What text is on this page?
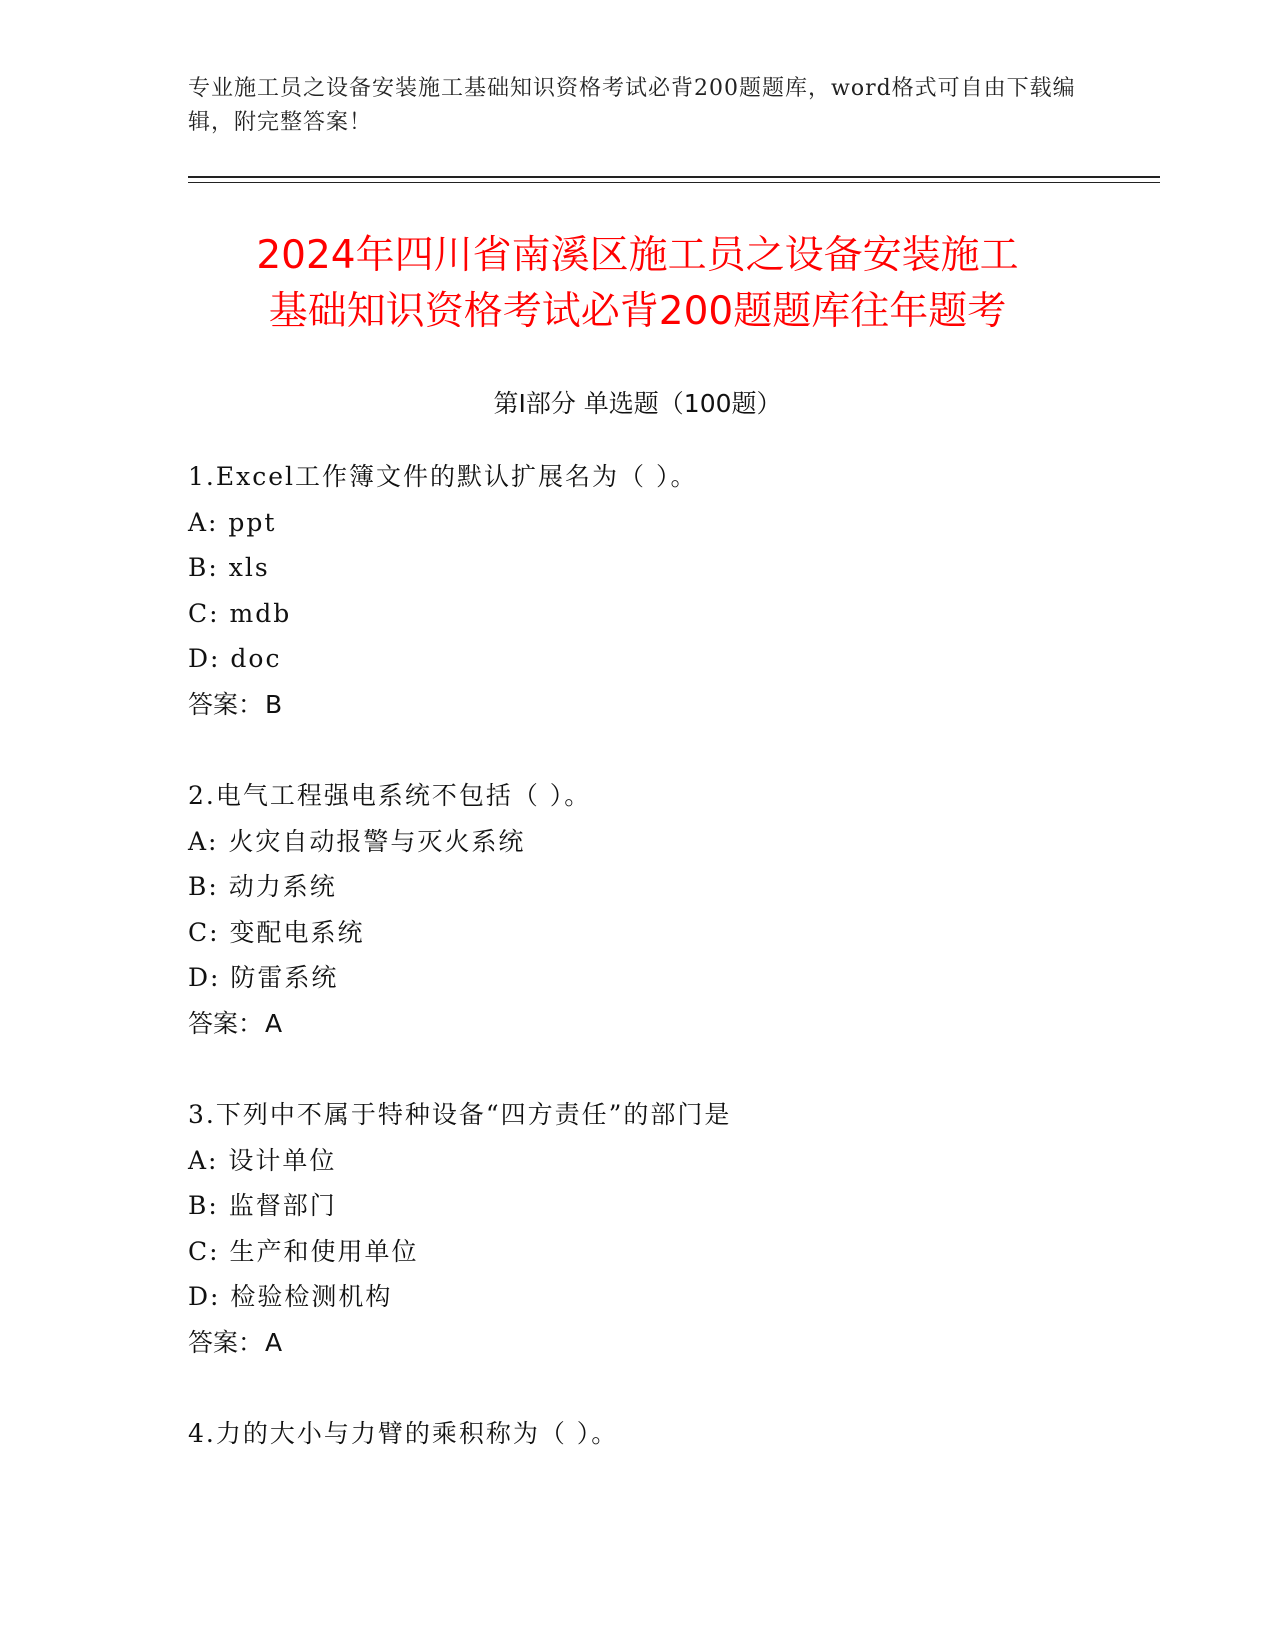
专业施工员之设备安装施工基础知识资格考试必背200题题库，word格式可自由下载编辑，附完整答案！
2024年四川省南溪区施工员之设备安装施工
基础知识资格考试必背200题题库往年题考
第Ⅰ部分 单选题（100题）
1.Excel工作簿文件的默认扩展名为（ ）。
A: ppt
B: xls
C: mdb
D: doc
答案：B
2.电气工程强电系统不包括（ ）。
A: 火灾自动报警与灭火系统
B: 动力系统
C: 变配电系统
D: 防雷系统
答案：A
3.下列中不属于特种设备“四方责任”的部门是
A: 设计单位
B: 监督部门
C: 生产和使用单位
D: 检验检测机构
答案：A
4.力的大小与力臂的乘积称为（ ）。
